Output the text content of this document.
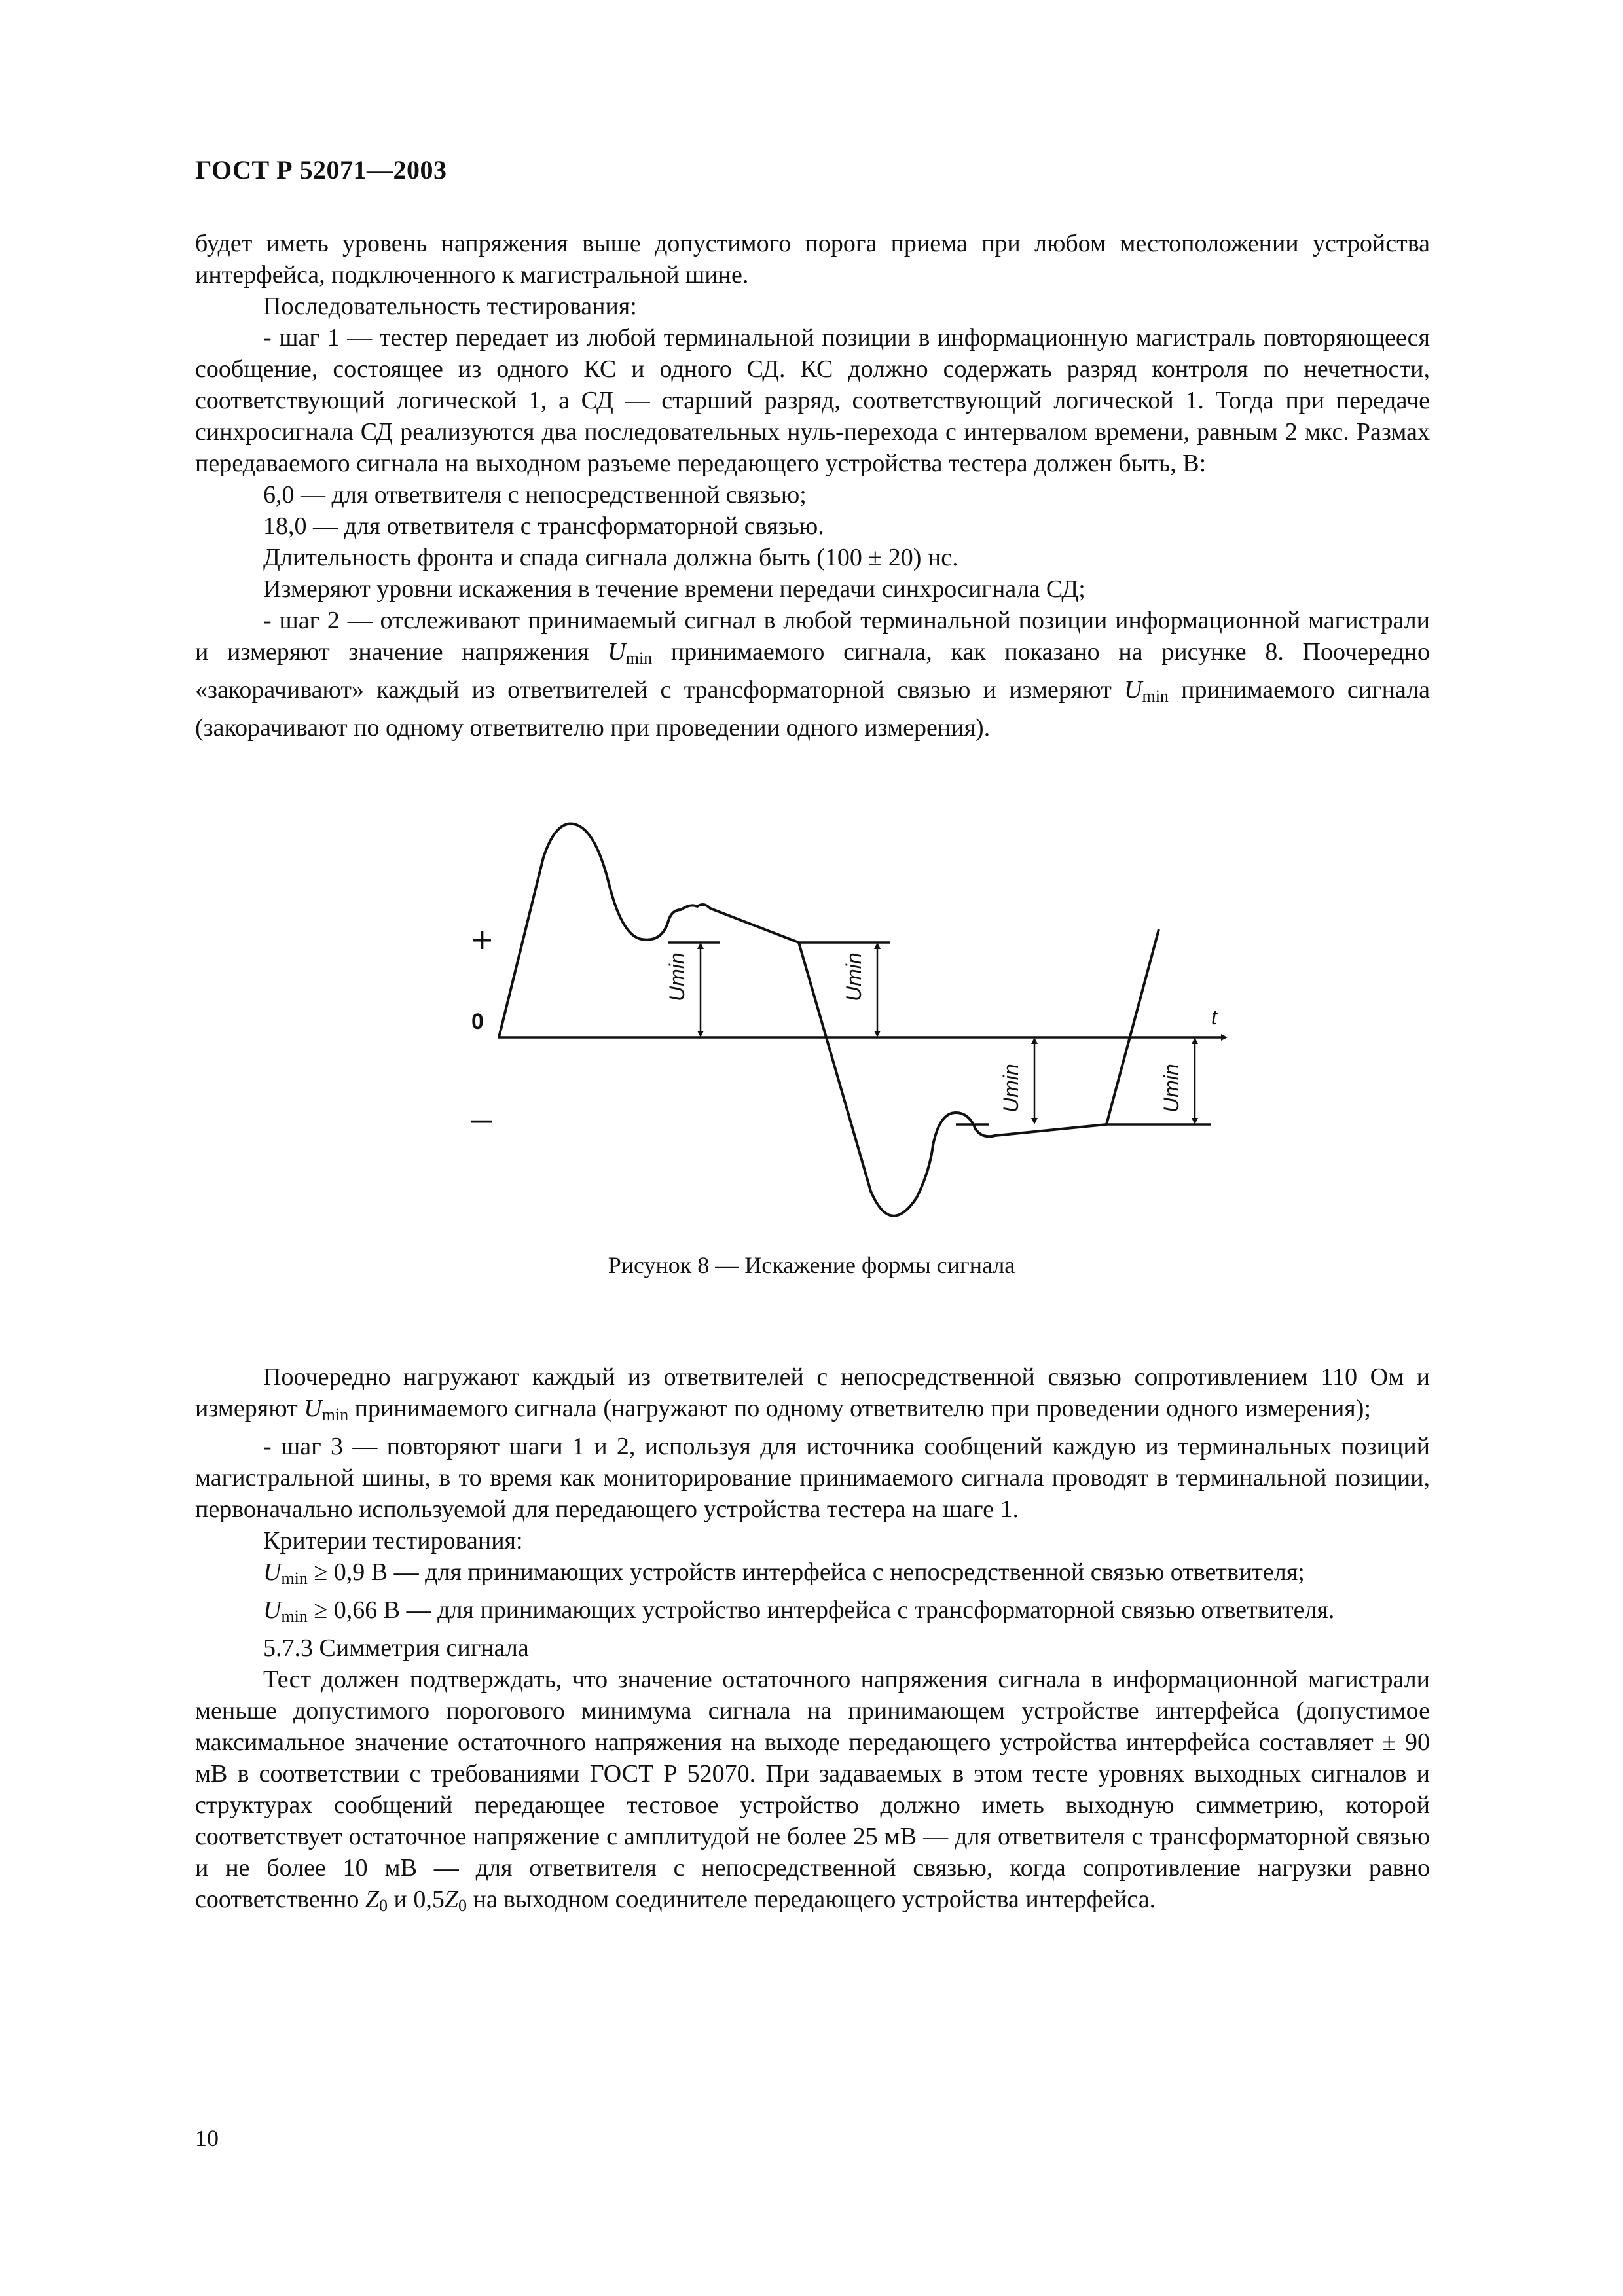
ГОСТ Р 52071—2003

будет иметь уровень напряжения выше допустимого порога приема при любом местоположении устройства интерфейса, подключенного к магистральной шине.

Последовательность тестирования:

- шаг 1 — тестер передает из любой терминальной позиции в информационную магистраль повторяющееся сообщение, состоящее из одного КС и одного СД. КС должно содержать разряд контроля по нечетности, соответствующий логической 1, а СД — старший разряд, соответствующий логической 1. Тогда при передаче синхросигнала СД реализуются два последовательных нуль-перехода с интервалом времени, равным 2 мкс. Размах передаваемого сигнала на выходном разъеме передающего устройства тестера должен быть, В:

6,0 — для ответвителя с непосредственной связью;

18,0 — для ответвителя с трансформаторной связью.

Длительность фронта и спада сигнала должна быть (100 ± 20) нс.

Измеряют уровни искажения в течение времени передачи синхросигнала СД;

- шаг 2 — отслеживают принимаемый сигнал в любой терминальной позиции информационной магистрали и измеряют значение напряжения $U_{min}$ принимаемого сигнала, как показано на рисунке 8. Поочередно «закорачивают» каждый из ответвителей с трансформаторной связью и измеряют $U_{min}$ принимаемого сигнала (закорачивают по одному ответвителю при проведении одного измерения).

Umin	Umin
Umin	Umin
+
0
–
t
Рисунок 8 — Искажение формы сигнала

Поочередно нагружают каждый из ответвителей с непосредственной связью сопротивлением 110 Ом и измеряют $U_{min}$ принимаемого сигнала (нагружают по одному ответвителю при проведении одного измерения);

- шаг 3 — повторяют шаги 1 и 2, используя для источника сообщений каждую из терминальных позиций магистральной шины, в то время как мониторирование принимаемого сигнала проводят в терминальной позиции, первоначально используемой для передающего устройства тестера на шаге 1.

Критерии тестирования:

$U_{min} \ge 0,9$ В — для принимающих устройств интерфейса с непосредственной связью ответвителя;

$U_{min} \ge 0,66$ В — для принимающих устройство интерфейса с трансформаторной связью ответвителя.

5.7.3 Симметрия сигнала

Тест должен подтверждать, что значение остаточного напряжения сигнала в информационной магистрали меньше допустимого порогового минимума сигнала на принимающем устройстве интерфейса (допустимое максимальное значение остаточного напряжения на выходе передающего устройства интерфейса составляет ± 90 мВ в соответствии с требованиями ГОСТ Р 52070. При задаваемых в этом тесте уровнях выходных сигналов и структурах сообщений передающее тестовое устройство должно иметь выходную симметрию, которой соответствует остаточное напряжение с амплитудой не более 25 мВ — для ответвителя с трансформаторной связью и не более 10 мВ — для ответвителя с непосредственной связью, когда сопротивление нагрузки равно соответственно $Z_0$ и $0,5Z_0$ на выходном соединителе передающего устройства интерфейса.

10
